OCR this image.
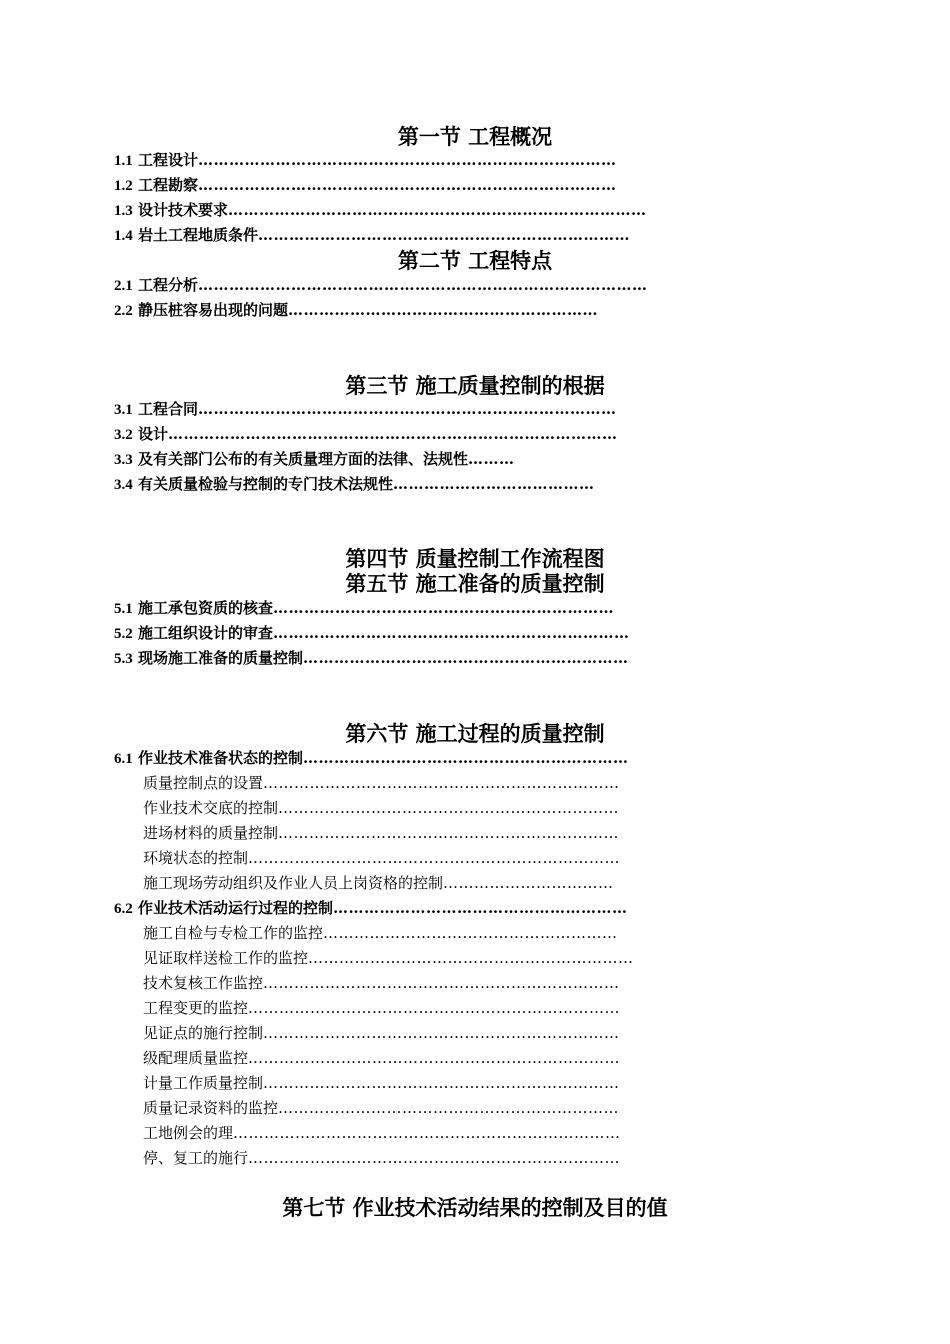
第一节 工程概况
1.1 工程设计………………………………………………………………………
1.2 工程勘察………………………………………………………………………
1.3 设计技术要求………………………………………………………………………
1.4 岩土工程地质条件………………………………………………………………
第二节 工程特点
2.1 工程分析……………………………………………………………………………
2.2 静压桩容易出现的问题……………………………………………………
第三节 施工质量控制的根据
3.1 工程合同………………………………………………………………………
3.2 设计……………………………………………………………………………
3.3 及有关部门公布的有关质量理方面的法律、法规性………
3.4 有关质量检验与控制的专门技术法规性…………………………………
第四节 质量控制工作流程图
第五节 施工准备的质量控制
5.1 施工承包资质的核查…………………………………………………………
5.2 施工组织设计的审查……………………………………………………………
5.3 现场施工准备的质量控制………………………………………………………
第六节 施工过程的质量控制
6.1 作业技术准备状态的控制………………………………………………………
质量控制点的设置……………………………………………………………
作业技术交底的控制…………………………………………………………
进场材料的质量控制…………………………………………………………
环境状态的控制………………………………………………………………
施工现场劳动组织及作业人员上岗资格的控制……………………………
6.2 作业技术活动运行过程的控制…………………………………………………
施工自检与专检工作的监控…………………………………………………
见证取样送检工作的监控………………………………………………………
技术复核工作监控……………………………………………………………
工程变更的监控………………………………………………………………
见证点的施行控制……………………………………………………………
级配理质量监控………………………………………………………………
计量工作质量控制……………………………………………………………
质量记录资料的监控…………………………………………………………
工地例会的理…………………………………………………………………
停、复工的施行………………………………………………………………
第七节 作业技术活动结果的控制及目的值
